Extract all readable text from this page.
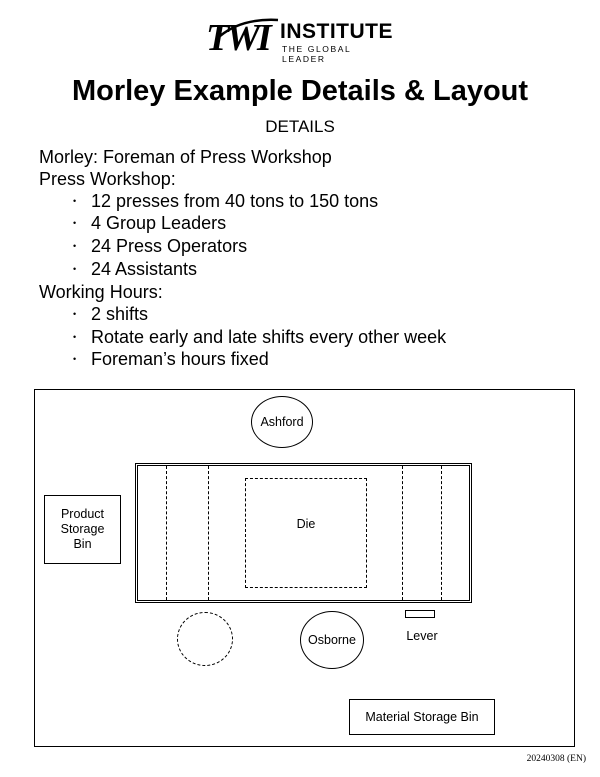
TWI INSTITUTE
THE GLOBAL LEADER
Morley Example Details & Layout
DETAILS
Morley: Foreman of Press Workshop
Press Workshop:
• 12 presses from 40 tons to 150 tons
• 4 Group Leaders
• 24 Press Operators
• 24 Assistants
Working Hours:
• 2 shifts
• Rotate early and late shifts every other week
• Foreman’s hours fixed
Ashford
Product Storage Bin
Die
Osborne	Lever
Material Storage Bin
20240308 (EN)
